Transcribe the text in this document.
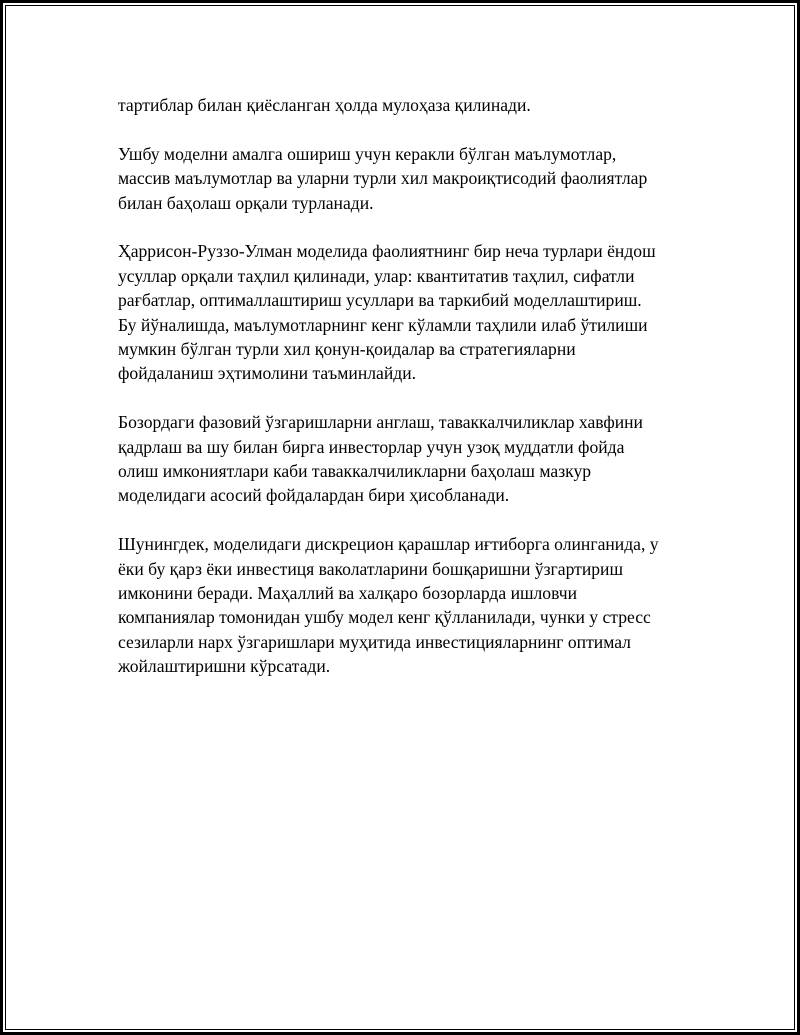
тартиблар билан қиёсланган ҳолда мулоҳаза қилинади.

Ушбу моделни амалга ошириш учун керакли бўлган маълумотлар,
массив маълумотлар ва уларни турли хил макроиқтисодий фаолиятлар
билан баҳолаш орқали турланади.

Ҳаррисон-Руззо-Улман моделида фаолиятнинг бир неча турлари ёндош
усуллар орқали таҳлил қилинади, улар: квантитатив таҳлил, сифатли
рағбатлар, оптималлаштириш усуллари ва таркибий моделлаштириш.
Бу йўналишда, маълумотларнинг кенг кўламли таҳлили илаб ўтилиши
мумкин бўлган турли хил қонун-қоидалар ва стратегияларни
фойдаланиш эҳтимолини таъминлайди.

Бозордаги фазовий ўзгаришларни англаш, таваккалчиликлар хавфини
қадрлаш ва шу билан бирга инвесторлар учун узоқ муддатли фойда
олиш имкониятлари каби таваккалчиликларни баҳолаш мазкур
моделидаги асосий фойдалардан бири ҳисобланади.

Шунингдек, моделидаги дискрецион қарашлар иғтиборга олинганида, у
ёки бу қарз ёки инвестиця ваколатларини бошқаришни ўзгартириш
имконини беради. Маҳаллий ва халқаро бозорларда ишловчи
компаниялар томонидан ушбу модел кенг қўлланилади, чунки у стресс
сезиларли нарх ўзгаришлари муҳитида инвестицияларнинг оптимал
жойлаштиришни кўрсатади.
